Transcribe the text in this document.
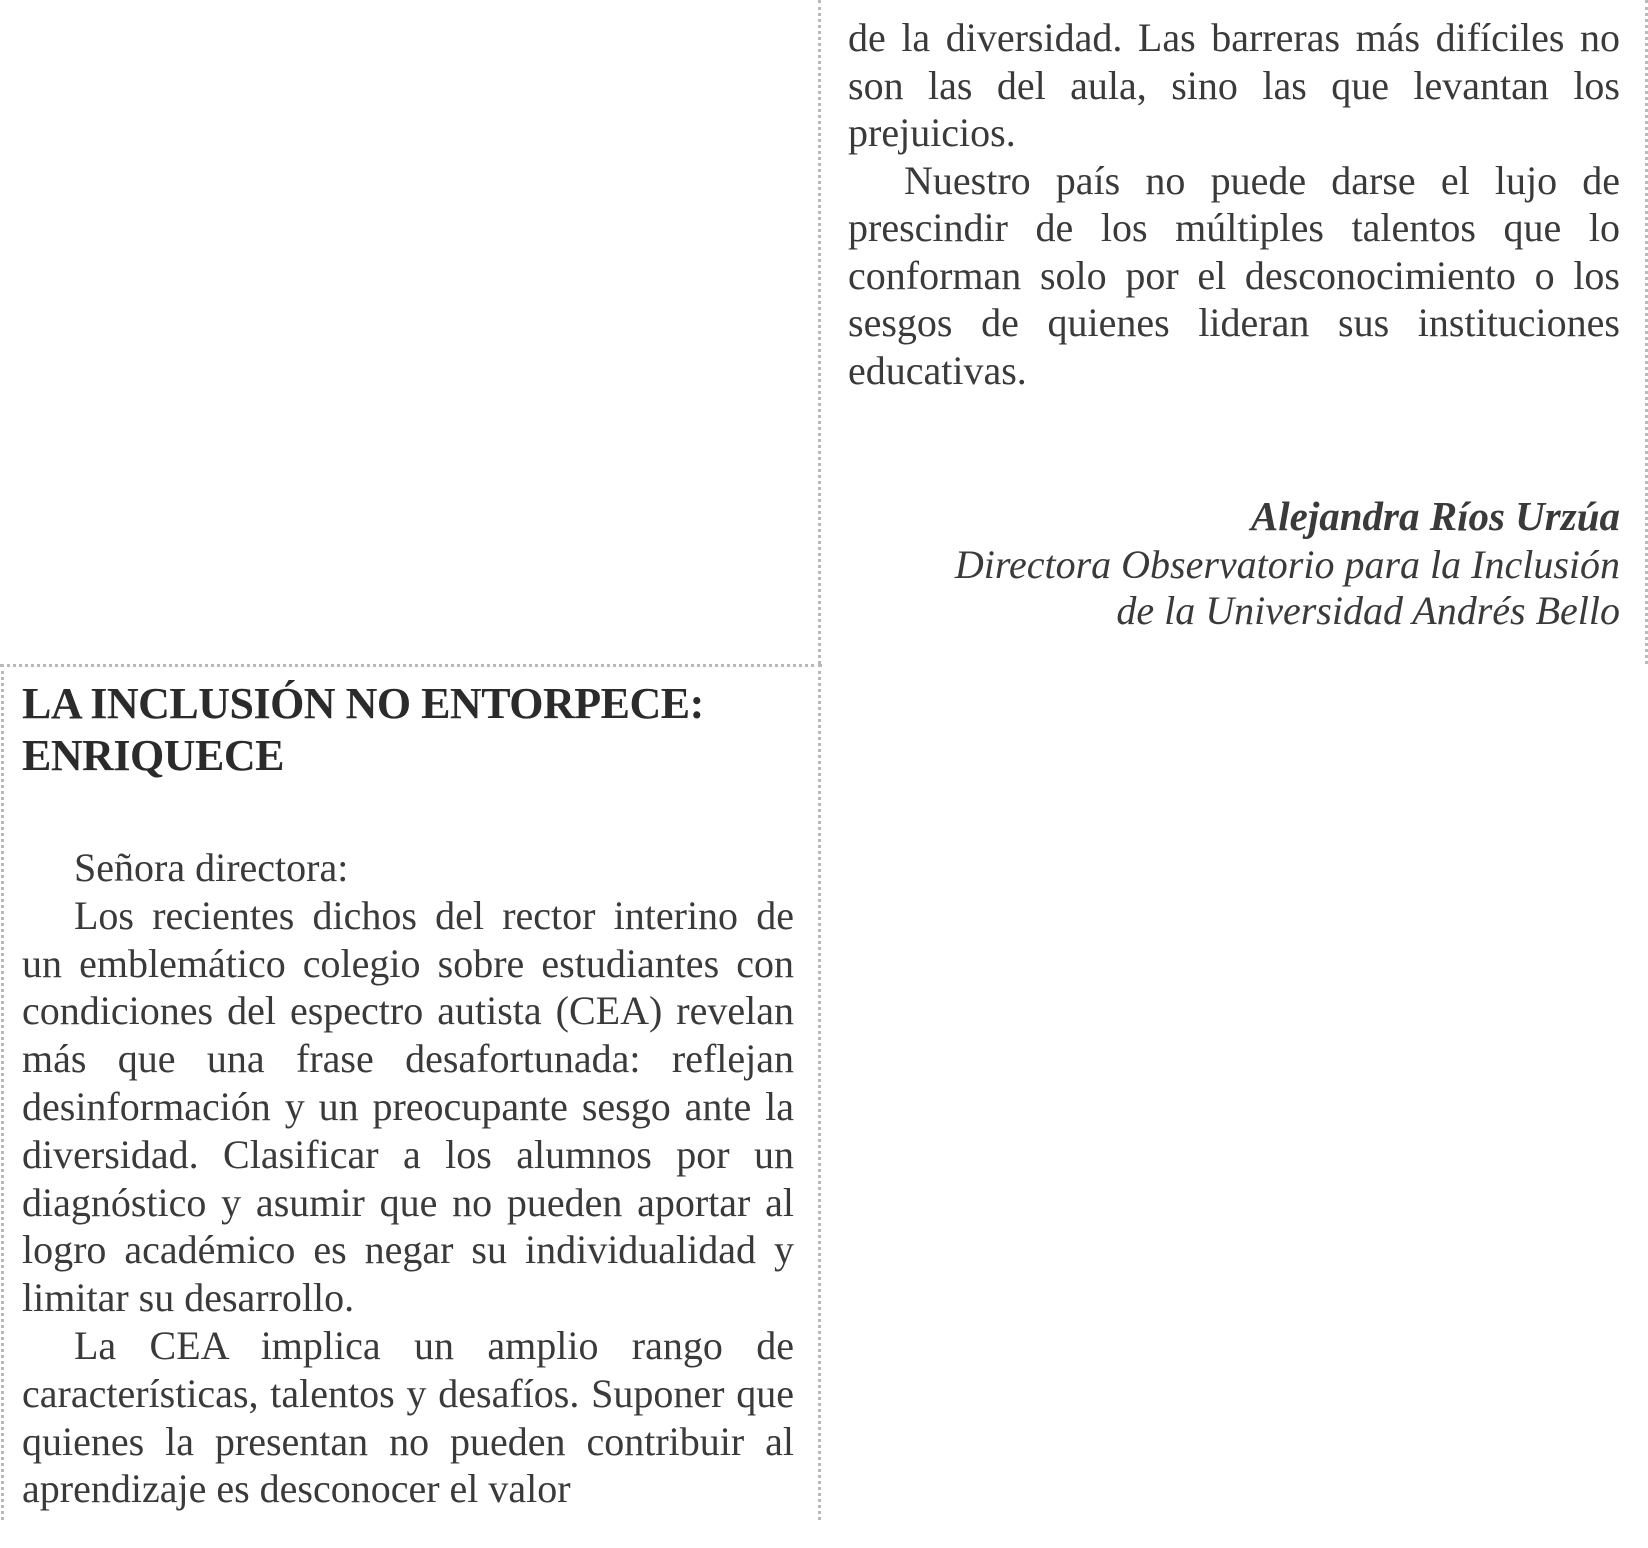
de la diversidad. Las barreras más difíciles no son las del aula, sino las que levantan los prejuicios.

Nuestro país no puede darse el lujo de prescindir de los múltiples talentos que lo conforman solo por el desconocimiento o los sesgos de quienes lideran sus instituciones educativas.

Alejandra Ríos Urzúa
Directora Observatorio para la Inclusión
de la Universidad Andrés Bello
LA INCLUSIÓN NO ENTORPECE:
ENRIQUECE

Señora directora:

Los recientes dichos del rector interino de un emblemático colegio sobre estudiantes con condiciones del espectro autista (CEA) revelan más que una frase desafortunada: reflejan desinformación y un preocupante sesgo ante la diversidad. Clasificar a los alumnos por un diagnóstico y asumir que no pueden aportar al logro académico es negar su individualidad y limitar su desarrollo.

La CEA implica un amplio rango de características, talentos y desafíos. Suponer que quienes la presentan no pueden contribuir al aprendizaje es desconocer el valor
